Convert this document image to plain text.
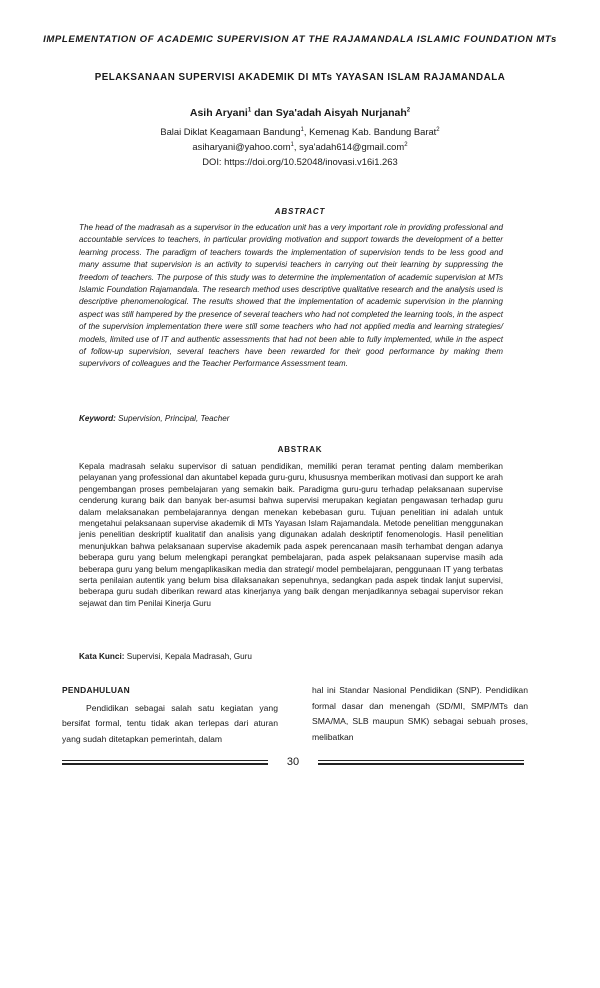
IMPLEMENTATION OF ACADEMIC SUPERVISION AT THE RAJAMANDALA ISLAMIC FOUNDATION MTs
PELAKSANAAN SUPERVISI AKADEMIK DI MTs YAYASAN ISLAM RAJAMANDALA
Asih Aryani$^1$ dan Sya'adah Aisyah Nurjanah$^2$
Balai Diklat Keagamaan Bandung$^1$, Kemenag Kab. Bandung Barat$^2$
asiharyani@yahoo.com$^1$, sya'adah614@gmail.com$^2$
DOI: https://doi.org/10.52048/inovasi.v16i1.263
ABSTRACT
The head of the madrasah as a supervisor in the education unit has a very important role in providing professional and accountable services to teachers, in particular providing motivation and support towards the development of a better learning process. The paradigm of teachers towards the implementation of supervision tends to be less good and many assume that supervision is an activity to supervisi teachers in carrying out their learning by suppressing the freedom of teachers. The purpose of this study was to determine the implementation of academic supervision at MTs Islamic Foundation Rajamandala. The research method uses descriptive qualitative research and the analysis used is descriptive phenomenological. The results showed that the implementation of academic supervision in the planning aspect was still hampered by the presence of several teachers who had not completed the learning tools, in the aspect of the supervision implementation there were still some teachers who had not applied media and learning strategies/ models, limited use of IT and authentic assessments that had not been able to fully implemented, while in the aspect of follow-up supervision, several teachers have been rewarded for their good performance by making them supervivors of colleagues and the Teacher Performance Assessment team.
Keyword: Supervision, Principal, Teacher
ABSTRAK
Kepala madrasah selaku supervisor di satuan pendidikan, memiliki peran teramat penting dalam memberikan pelayanan yang professional dan akuntabel kepada guru-guru, khususnya memberikan motivasi dan support ke arah pengembangan proses pembelajaran yang semakin baik. Paradigma guru-guru terhadap pelaksanaan supervise cenderung kurang baik dan banyak ber-asumsi bahwa supervisi merupakan kegiatan pengawasan terhadap guru dalam melaksanakan pembelajarannya dengan menekan kebebasan guru. Tujuan penelitian ini adalah untuk mengetahui pelaksanaan supervise akademik di MTs Yayasan Islam Rajamandala. Metode penelitian menggunakan jenis penelitian deskriptif kualitatif dan analisis yang digunakan adalah deskriptif fenomenologis. Hasil penelitian menunjukkan bahwa pelaksanaan supervise akademik pada aspek perencanaan masih terhambat dengan adanya beberapa guru yang belum melengkapi perangkat pembelajaran, pada aspek pelaksanaan supervise masih ada beberapa guru yang belum mengaplikasikan media dan strategi/ model pembelajaran, penggunaan IT yang terbatas serta penilaian autentik yang belum bisa dilaksanakan sepenuhnya, sedangkan pada aspek tindak lanjut supervisi, beberapa guru sudah diberikan reward atas kinerjanya yang baik dengan menjadikannya sebagai supervisor rekan sejawat dan tim Penilai Kinerja Guru
Kata Kunci: Supervisi, Kepala Madrasah, Guru
PENDAHULUAN
Pendidikan sebagai salah satu kegiatan yang bersifat formal, tentu tidak akan terlepas dari aturan yang sudah ditetapkan pemerintah, dalam
hal ini Standar Nasional Pendidikan (SNP). Pendidikan formal dasar dan menengah (SD/MI, SMP/MTs dan SMA/MA, SLB maupun SMK) sebagai sebuah proses, melibatkan
30
